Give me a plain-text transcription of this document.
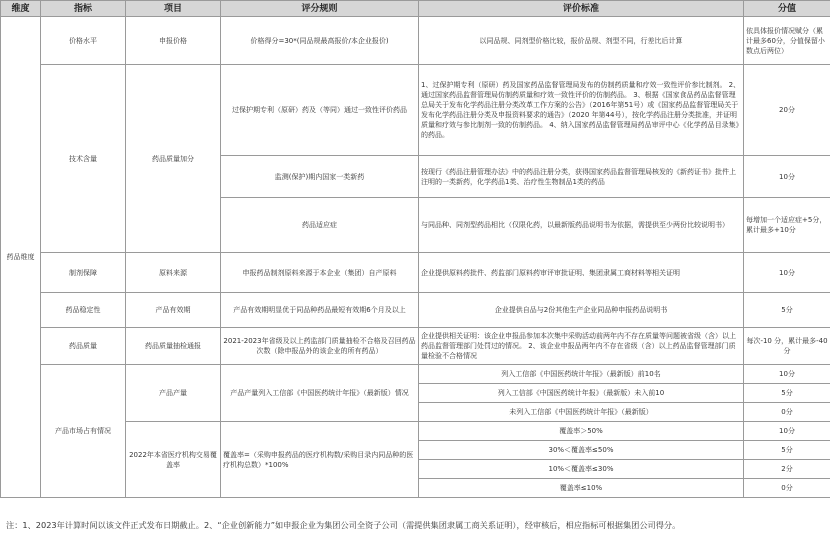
维度	指标	项目	评分规则	评价标准	分值
药品维度	价格水平	申报价格	价格得分=30*(同品规最高报价/本企业报价)	以同品规、同剂型价格比较，报价品规、剂型不同，行差比后计算	依具体报价情况赋分（累计最多60分，分值保留小数点后两位）
	技术含量	药品质量加分	过保护期专利（原研）药及（等同）通过一致性评价药品	1、过保护期专利（原研）药及国家药品监督管理局发布的仿制药质量和疗效一致性评价参比制剂。 2、通过国家药品监督管理局仿制药质量和疗效一致性评价的仿制药品。 3、根据《国家食品药品监督管理总局关于发布化学药品注册分类改革工作方案的公告》（2016年第51号）或《国家药品监督管理局关于发布化学药品注册分类及申报资料要求的通告》（2020 年第44号），按化学药品注册分类批准，并证明质量和疗效与参比制剂一致的仿制药品。 4、纳入国家药品监督管理局药品审评中心《化学药品目录集》的药品。	20分
			监测(保护)期内国家一类新药	按现行《药品注册管理办法》中的药品注册分类，获得国家药品监督管理局核发的《新药证书》批件上注明的一类新药，化学药品1类、治疗性生物制品1类的药品	10分
			药品适应症	与同品种、同剂型药品相比（仅限化药，以最新版药品说明书为依据，需提供至少两份比较说明书）	每增加一个适应症+5分，累计最多+10分
	制剂保障	原料来源	申报药品制剂原料来源于本企业（集团）自产原料	企业提供原料药批件、药监部门原料药审评审批证明、集团隶属工商材料等相关证明	10分
	药品稳定性	产品有效期	产品有效期明显优于同品种药品最短有效期6个月及以上	企业提供自品与2份其他生产企业同品种申报药品说明书	5分
	药品质量	药品质量抽检通报	2021-2023年省级及以上药监部门质量抽检不合格及召回药品次数（除申报品外的该企业的所有药品）	企业提供相关证明：该企业申报品参加本次集中采购活动前两年内不存在质量等问题被省级（含）以上药品监督管理部门处罚过的情况。 2、该企业申报品两年内不存在省级（含）以上药品监督管理部门质量检验不合格情况	每次-10 分，累计最多-40 分
	产品市场占有情况	产品产量	产品产量列入工信部《中国医药统计年报》（最新版）情况	列入工信部《中国医药统计年报》（最新版）前10名	10分
				列入工信部《中国医药统计年报》（最新版）未入前10	5分
				未列入工信部《中国医药统计年报》（最新版）	0分
		2022年本省医疗机构交易覆盖率	覆盖率=（采购申报药品的医疗机构数/采购目录内同品种的医疗机构总数）*100%	覆盖率＞50%	10分
				30%＜覆盖率≤50%	5分
				10%＜覆盖率≤30%	2分
				覆盖率≤10%	0分
注：1、2023年计算时间以该文件正式发布日期截止。2、“企业创新能力”如申报企业为集团公司全资子公司（需提供集团隶属工商关系证明），经审核后，相应指标可根据集团公司得分。
